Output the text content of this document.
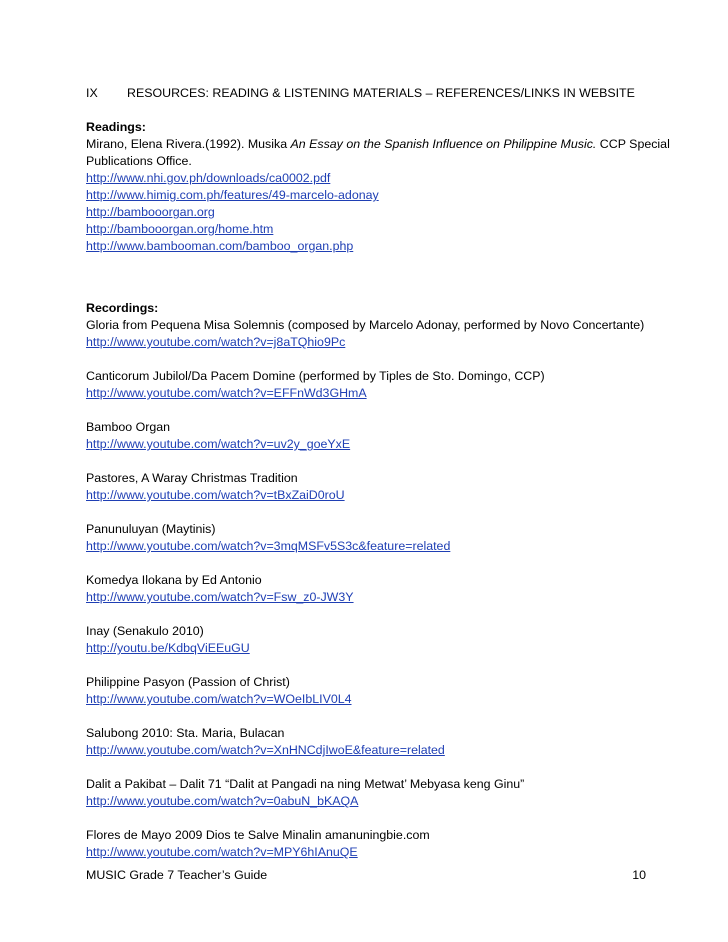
IX RESOURCES: READING & LISTENING MATERIALS – REFERENCES/LINKS IN WEBSITE
Readings:
Mirano, Elena Rivera.(1992). Musika An Essay on the Spanish Influence on Philippine Music. CCP Special
Publications Office.
http://www.nhi.gov.ph/downloads/ca0002.pdf
http://www.himig.com.ph/features/49-marcelo-adonay
http://bambooorgan.org
http://bambooorgan.org/home.htm
http://www.bambooman.com/bamboo_organ.php
Recordings:
Gloria from Pequena Misa Solemnis (composed by Marcelo Adonay, performed by Novo Concertante)
http://www.youtube.com/watch?v=j8aTQhio9Pc
Canticorum Jubilol/Da Pacem Domine (performed by Tiples de Sto. Domingo, CCP)
http://www.youtube.com/watch?v=EFFnWd3GHmA
Bamboo Organ
http://www.youtube.com/watch?v=uv2y_goeYxE
Pastores, A Waray Christmas Tradition
http://www.youtube.com/watch?v=tBxZaiD0roU
Panunuluyan (Maytinis)
http://www.youtube.com/watch?v=3mqMSFv5S3c&feature=related
Komedya Ilokana by Ed Antonio
http://www.youtube.com/watch?v=Fsw_z0-JW3Y
Inay (Senakulo 2010)
http://youtu.be/KdbqViEEuGU
Philippine Pasyon (Passion of Christ)
http://www.youtube.com/watch?v=WOeIbLIV0L4
Salubong 2010: Sta. Maria, Bulacan
http://www.youtube.com/watch?v=XnHNCdjIwoE&feature=related
Dalit a Pakibat – Dalit 71 “Dalit at Pangadi na ning Metwat’ Mebyasa keng Ginu”
http://www.youtube.com/watch?v=0abuN_bKAQA
Flores de Mayo 2009 Dios te Salve Minalin amanuningbie.com
http://www.youtube.com/watch?v=MPY6hIAnuQE
MUSIC Grade 7 Teacher’s Guide	10
